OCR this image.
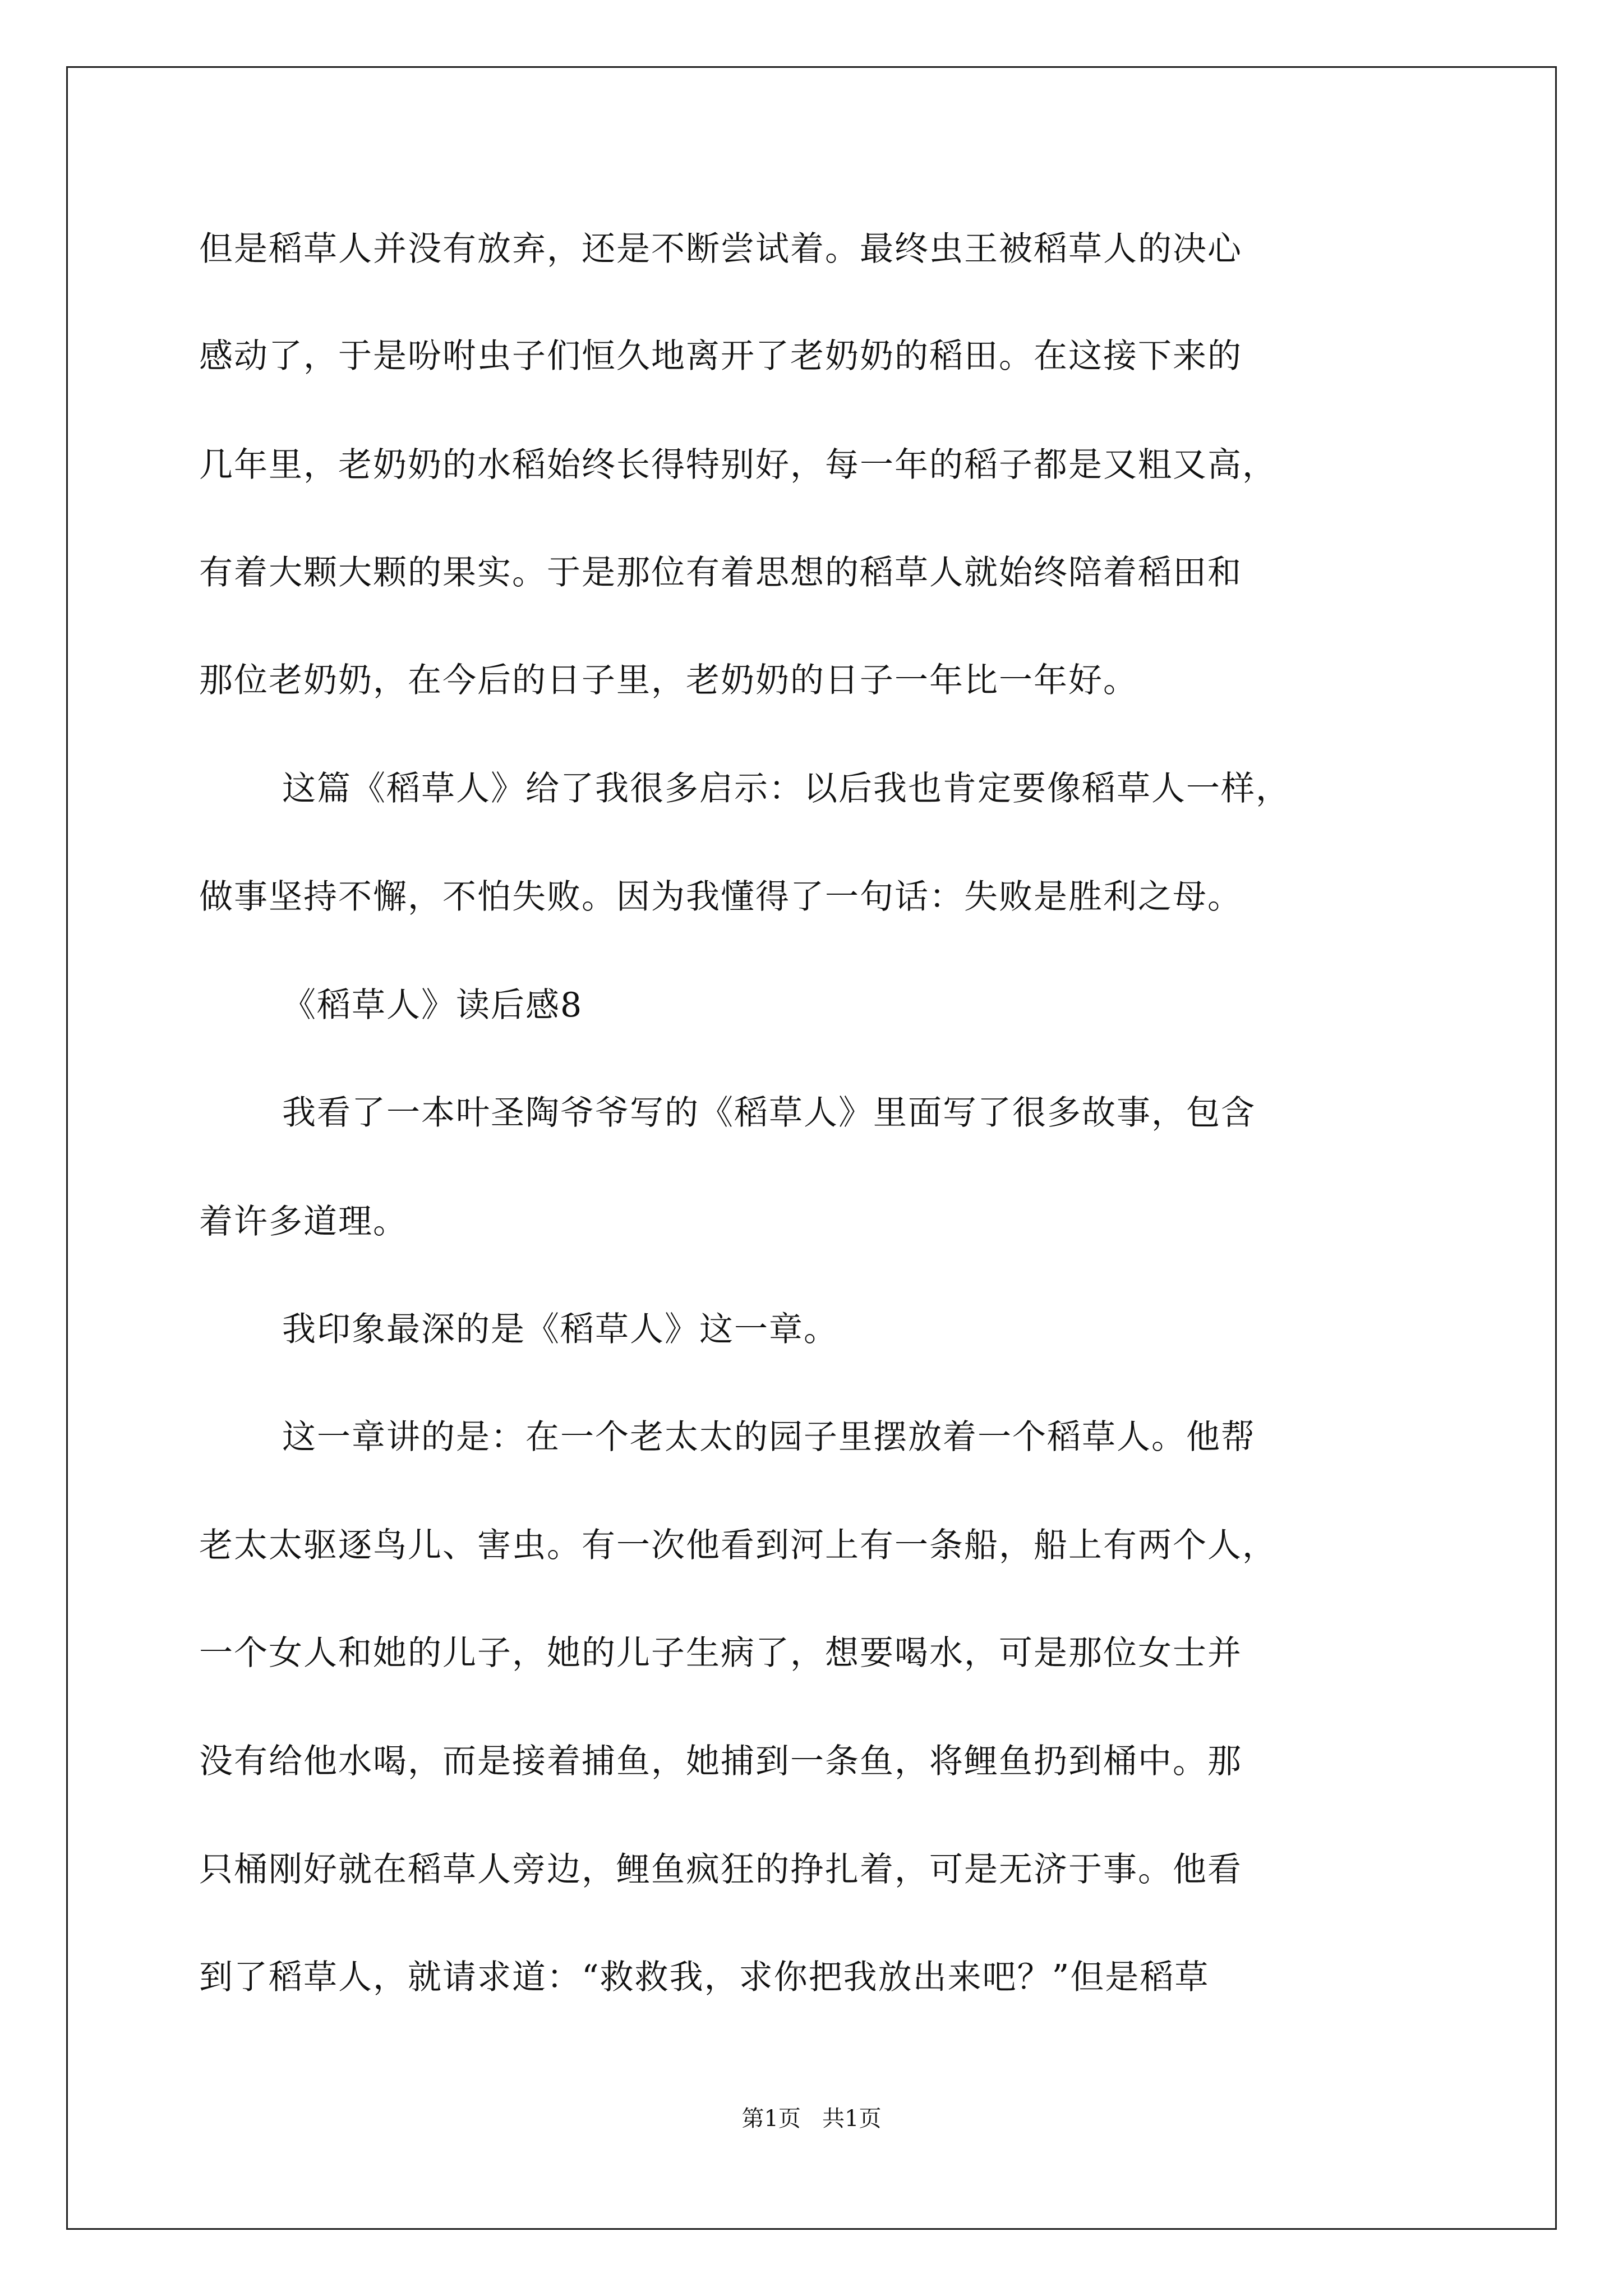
但是稻草人并没有放弃，还是不断尝试着。最终虫王被稻草人的决心
感动了，于是吩咐虫子们恒久地离开了老奶奶的稻田。在这接下来的
几年里，老奶奶的水稻始终长得特别好，每一年的稻子都是又粗又高，
有着大颗大颗的果实。于是那位有着思想的稻草人就始终陪着稻田和
那位老奶奶，在今后的日子里，老奶奶的日子一年比一年好。
这篇《稻草人》给了我很多启示：以后我也肯定要像稻草人一样，
做事坚持不懈，不怕失败。因为我懂得了一句话：失败是胜利之母。
《稻草人》读后感8
我看了一本叶圣陶爷爷写的《稻草人》里面写了很多故事，包含
着许多道理。
我印象最深的是《稻草人》这一章。
这一章讲的是：在一个老太太的园子里摆放着一个稻草人。他帮
老太太驱逐鸟儿、害虫。有一次他看到河上有一条船，船上有两个人，
一个女人和她的儿子，她的儿子生病了，想要喝水，可是那位女士并
没有给他水喝，而是接着捕鱼，她捕到一条鱼，将鲤鱼扔到桶中。那
只桶刚好就在稻草人旁边，鲤鱼疯狂的挣扎着，可是无济于事。他看
到了稻草人，就请求道：“救救我，求你把我放出来吧？”但是稻草
第1页   共1页
